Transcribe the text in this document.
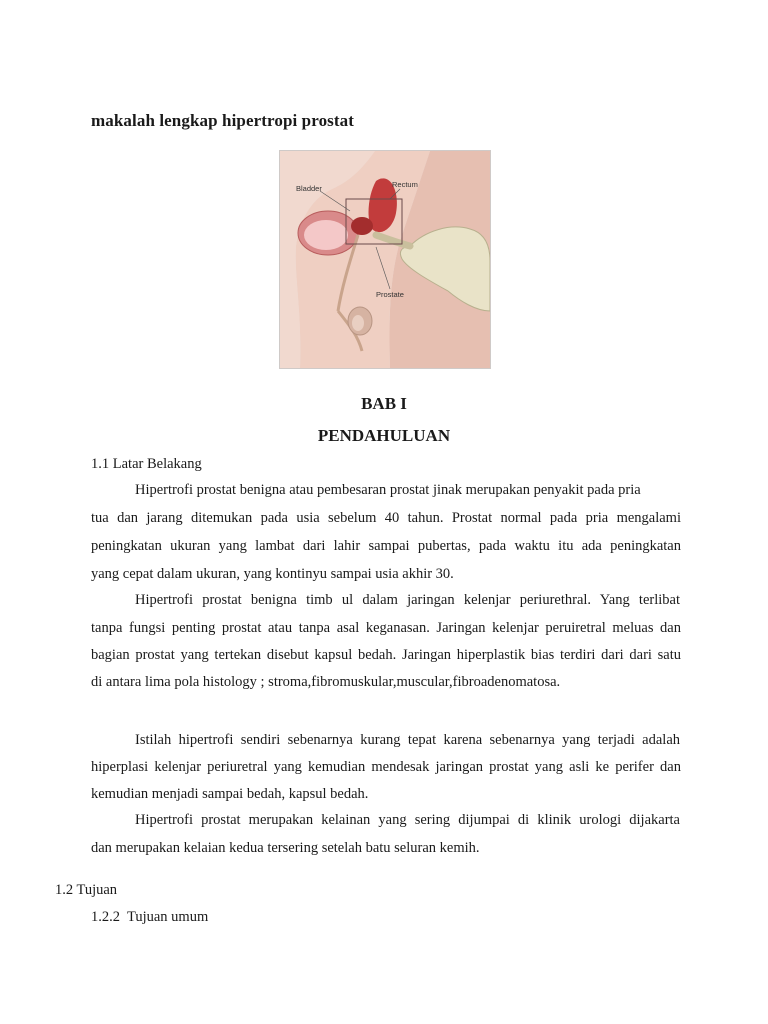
makalah lengkap hipertropi prostat
Bladder	Rectum
Prostate
BAB I
PENDAHULUAN
1.1 Latar Belakang
Hipertrofi prostat benigna atau pembesaran prostat jinak merupakan penyakit pada pria
tua dan jarang ditemukan pada usia sebelum 40 tahun. Prostat normal pada pria mengalami
peningkatan ukuran yang lambat dari lahir sampai pubertas, pada waktu itu ada peningkatan
yang cepat dalam ukuran, yang kontinyu sampai usia akhir 30.
Hipertrofi prostat benigna timb ul dalam jaringan kelenjar periurethral. Yang terlibat
tanpa fungsi penting prostat atau tanpa asal keganasan. Jaringan kelenjar peruiretral meluas dan
bagian prostat yang tertekan disebut kapsul bedah. Jaringan hiperplastik bias terdiri dari dari satu
di antara lima pola histology ; stroma,fibromuskular,muscular,fibroadenomatosa.
Istilah hipertrofi sendiri sebenarnya kurang tepat karena sebenarnya yang terjadi adalah
hiperplasi kelenjar periuretral yang kemudian mendesak jaringan prostat yang asli ke perifer dan
kemudian menjadi sampai bedah, kapsul bedah.
Hipertrofi prostat merupakan kelainan yang sering dijumpai di klinik urologi dijakarta
dan merupakan kelaian kedua tersering setelah batu seluran kemih.
1.2 Tujuan
1.2.2  Tujuan umum
